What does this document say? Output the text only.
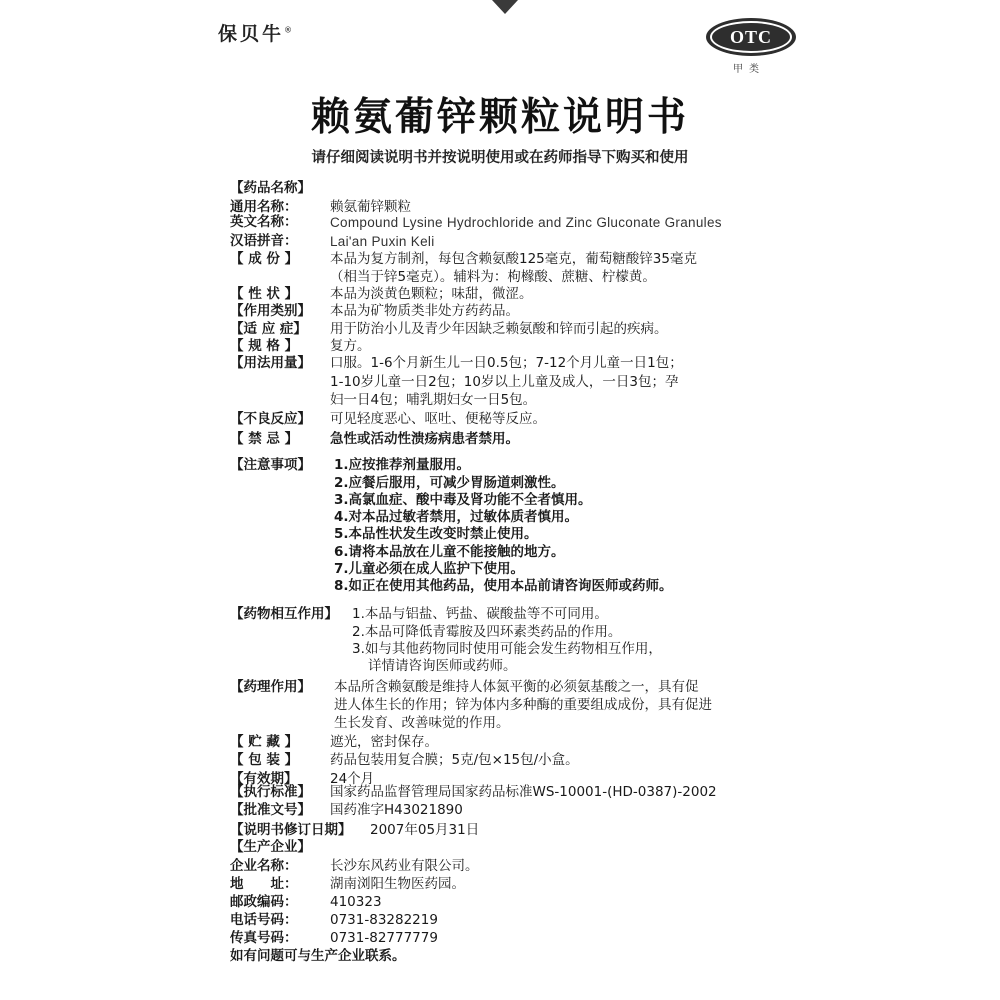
保贝牛®	OTC
甲类
赖氨葡锌颗粒说明书
请仔细阅读说明书并按说明使用或在药师指导下购买和使用
【药品名称】
通用名称： 赖氨葡锌颗粒
英文名称： Compound Lysine Hydrochloride and Zinc Gluconate Granules
汉语拼音： Lai'an Puxin Keli
【 成 份 】 本品为复方制剂，每包含赖氨酸125毫克，葡萄糖酸锌35毫克
（相当于锌5毫克）。辅料为：枸橼酸、蔗糖、柠檬黄。
【 性 状 】 本品为淡黄色颗粒；味甜，微涩。
【作用类别】 本品为矿物质类非处方药药品。
【适 应 症】 用于防治小儿及青少年因缺乏赖氨酸和锌而引起的疾病。
【 规 格 】 复方。
【用法用量】 口服。1-6个月新生儿一日0.5包；7-12个月儿童一日1包；
1-10岁儿童一日2包；10岁以上儿童及成人，一日3包；孕
妇一日4包；哺乳期妇女一日5包。
【不良反应】 可见轻度恶心、呕吐、便秘等反应。
【 禁 忌 】 急性或活动性溃疡病患者禁用。
【注意事项】 1.应按推荐剂量服用。
2.应餐后服用，可减少胃肠道刺激性。
3.高氯血症、酸中毒及肾功能不全者慎用。
4.对本品过敏者禁用，过敏体质者慎用。
5.本品性状发生改变时禁止使用。
6.请将本品放在儿童不能接触的地方。
7.儿童必须在成人监护下使用。
8.如正在使用其他药品，使用本品前请咨询医师或药师。
【药物相互作用】 1.本品与铝盐、钙盐、碳酸盐等不可同用。
2.本品可降低青霉胺及四环素类药品的作用。
3.如与其他药物同时使用可能会发生药物相互作用，
详情请咨询医师或药师。
【药理作用】 本品所含赖氨酸是维持人体氮平衡的必须氨基酸之一，具有促
进人体生长的作用；锌为体内多种酶的重要组成成份，具有促进
生长发育、改善味觉的作用。
【 贮 藏 】 遮光，密封保存。
【 包 装 】 药品包装用复合膜；5克/包×15包/小盒。
【有效期】 24个月
【执行标准】 国家药品监督管理局国家药品标准WS-10001-(HD-0387)-2002
【批准文号】 国药准字H43021890
【说明书修订日期】 2007年05月31日
【生产企业】
企业名称： 长沙东风药业有限公司。
地　　址： 湖南浏阳生物医药园。
邮政编码： 410323
电话号码： 0731-83282219
传真号码： 0731-82777779
如有问题可与生产企业联系。
